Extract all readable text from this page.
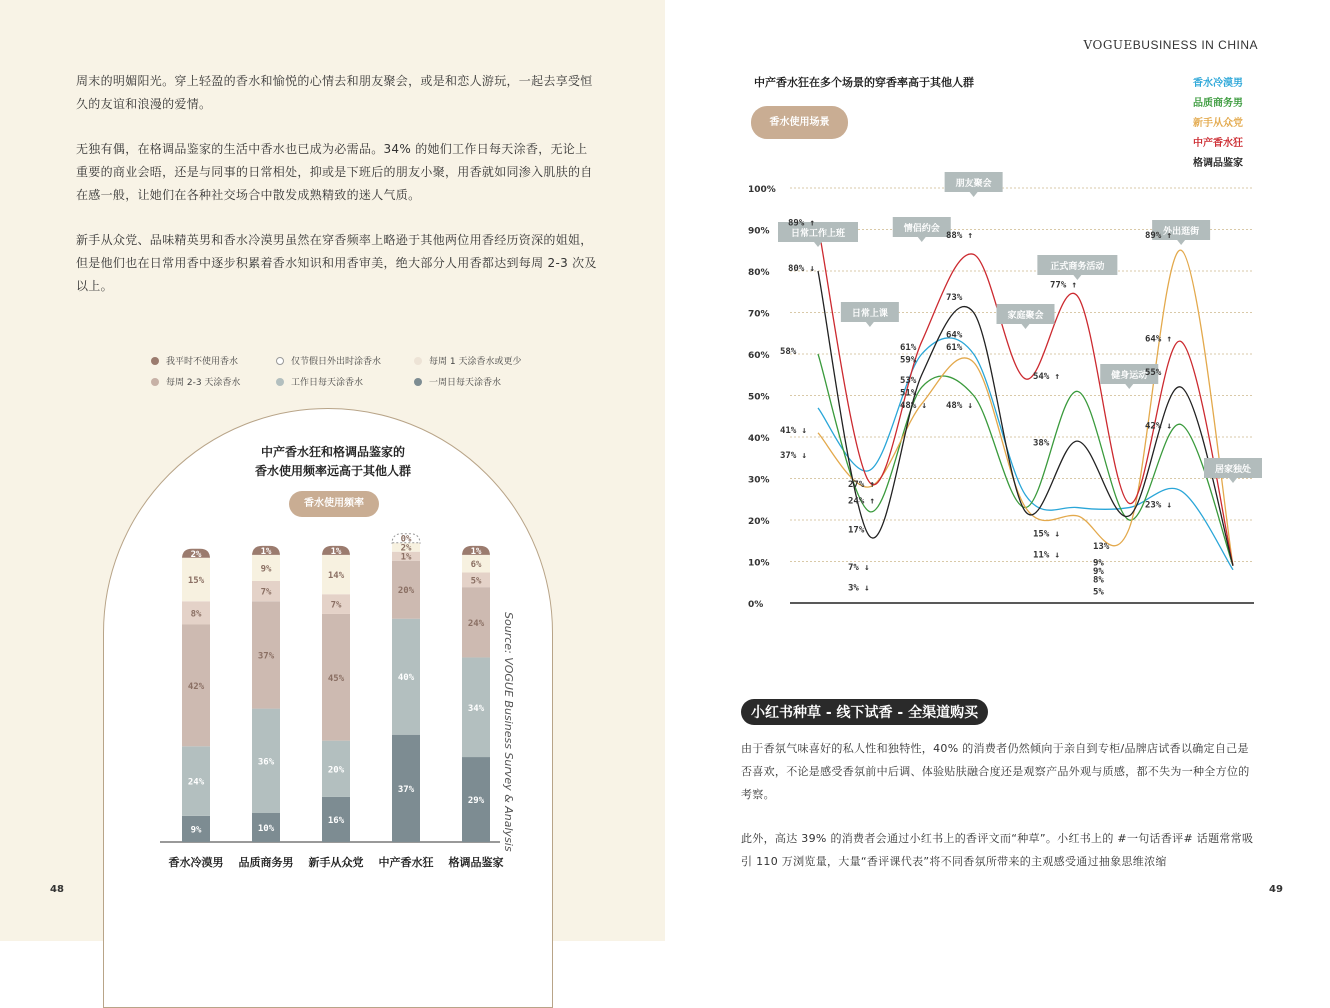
周末的明媚阳光。穿上轻盈的香水和愉悦的心情去和朋友聚会，或是和恋人游玩，一起去享受恒久的友谊和浪漫的爱情。
无独有偶，在格调品鉴家的生活中香水也已成为必需品。34% 的她们工作日每天涂香，无论上重要的商业会晤，还是与同事的日常相处，抑或是下班后的朋友小聚，用香就如同渗入肌肤的自在感一般，让她们在各种社交场合中散发成熟精致的迷人气质。
新手从众党、品味精英男和香水冷漠男虽然在穿香频率上略逊于其他两位用香经历资深的姐姐，但是他们也在日常用香中逐步积累着香水知识和用香审美，绝大部分人用香都达到每周 2-3 次及以上。
我平时不使用香水	仅节假日外出时涂香水	每周 1 天涂香水或更少
每周 2-3 天涂香水	工作日每天涂香水	一周日每天涂香水
中产香水狂和格调品鉴家的
香水使用频率远高于其他人群
香水使用频率
9%
24%
42%
8%
15%
2%
香水冷漠男
10%
36%
37%
7%
9%
1%
品质商务男
16%
20%
45%
7%
14%
1%
新手从众党
37%
40%
20%
1%
2%
0%
中产香水狂
29%
34%
24%
5%
6%
1%
格调品鉴家
Source: VOGUE Business Survey & Analysis
48
VOGUEBUSINESS IN CHINA
中产香水狂在多个场景的穿香率高于其他人群
香水使用场景
香水冷漠男
品质商务男
新手从众党
中产香水狂
格调品鉴家
0%
10%
20%
30%
40%
50%
60%
70%
80%
90%
100%
日常工作上班
日常上课
情侣约会
朋友聚会
家庭聚会
正式商务活动
健身运动
外出逛街
居家独处
89% ↑
80% ↓
58%
41% ↓
37% ↓
27% ↑
24% ↑
17%
7% ↓
3% ↓
61%
59%
53%
51%
48% ↓
88% ↑
73%
64%
61%
48% ↓
77% ↑
54% ↑
38%
15% ↓
11% ↓
13%
9%
9%
8%
5%
89% ↑
64% ↑
55%
42% ↓
23% ↓
小红书种草 - 线下试香 - 全渠道购买
由于香氛气味喜好的私人性和独特性，40% 的消费者仍然倾向于亲自到专柜/品牌店试香以确定自己是否喜欢，不论是感受香氛前中后调、体验贴肤融合度还是观察产品外观与质感，都不失为一种全方位的考察。
此外，高达 39% 的消费者会通过小红书上的香评文而“种草”。小红书上的 #一句话香评# 话题常常吸引 110 万浏览量，大量“香评课代表”将不同香氛所带来的主观感受通过抽象思维浓缩
49
